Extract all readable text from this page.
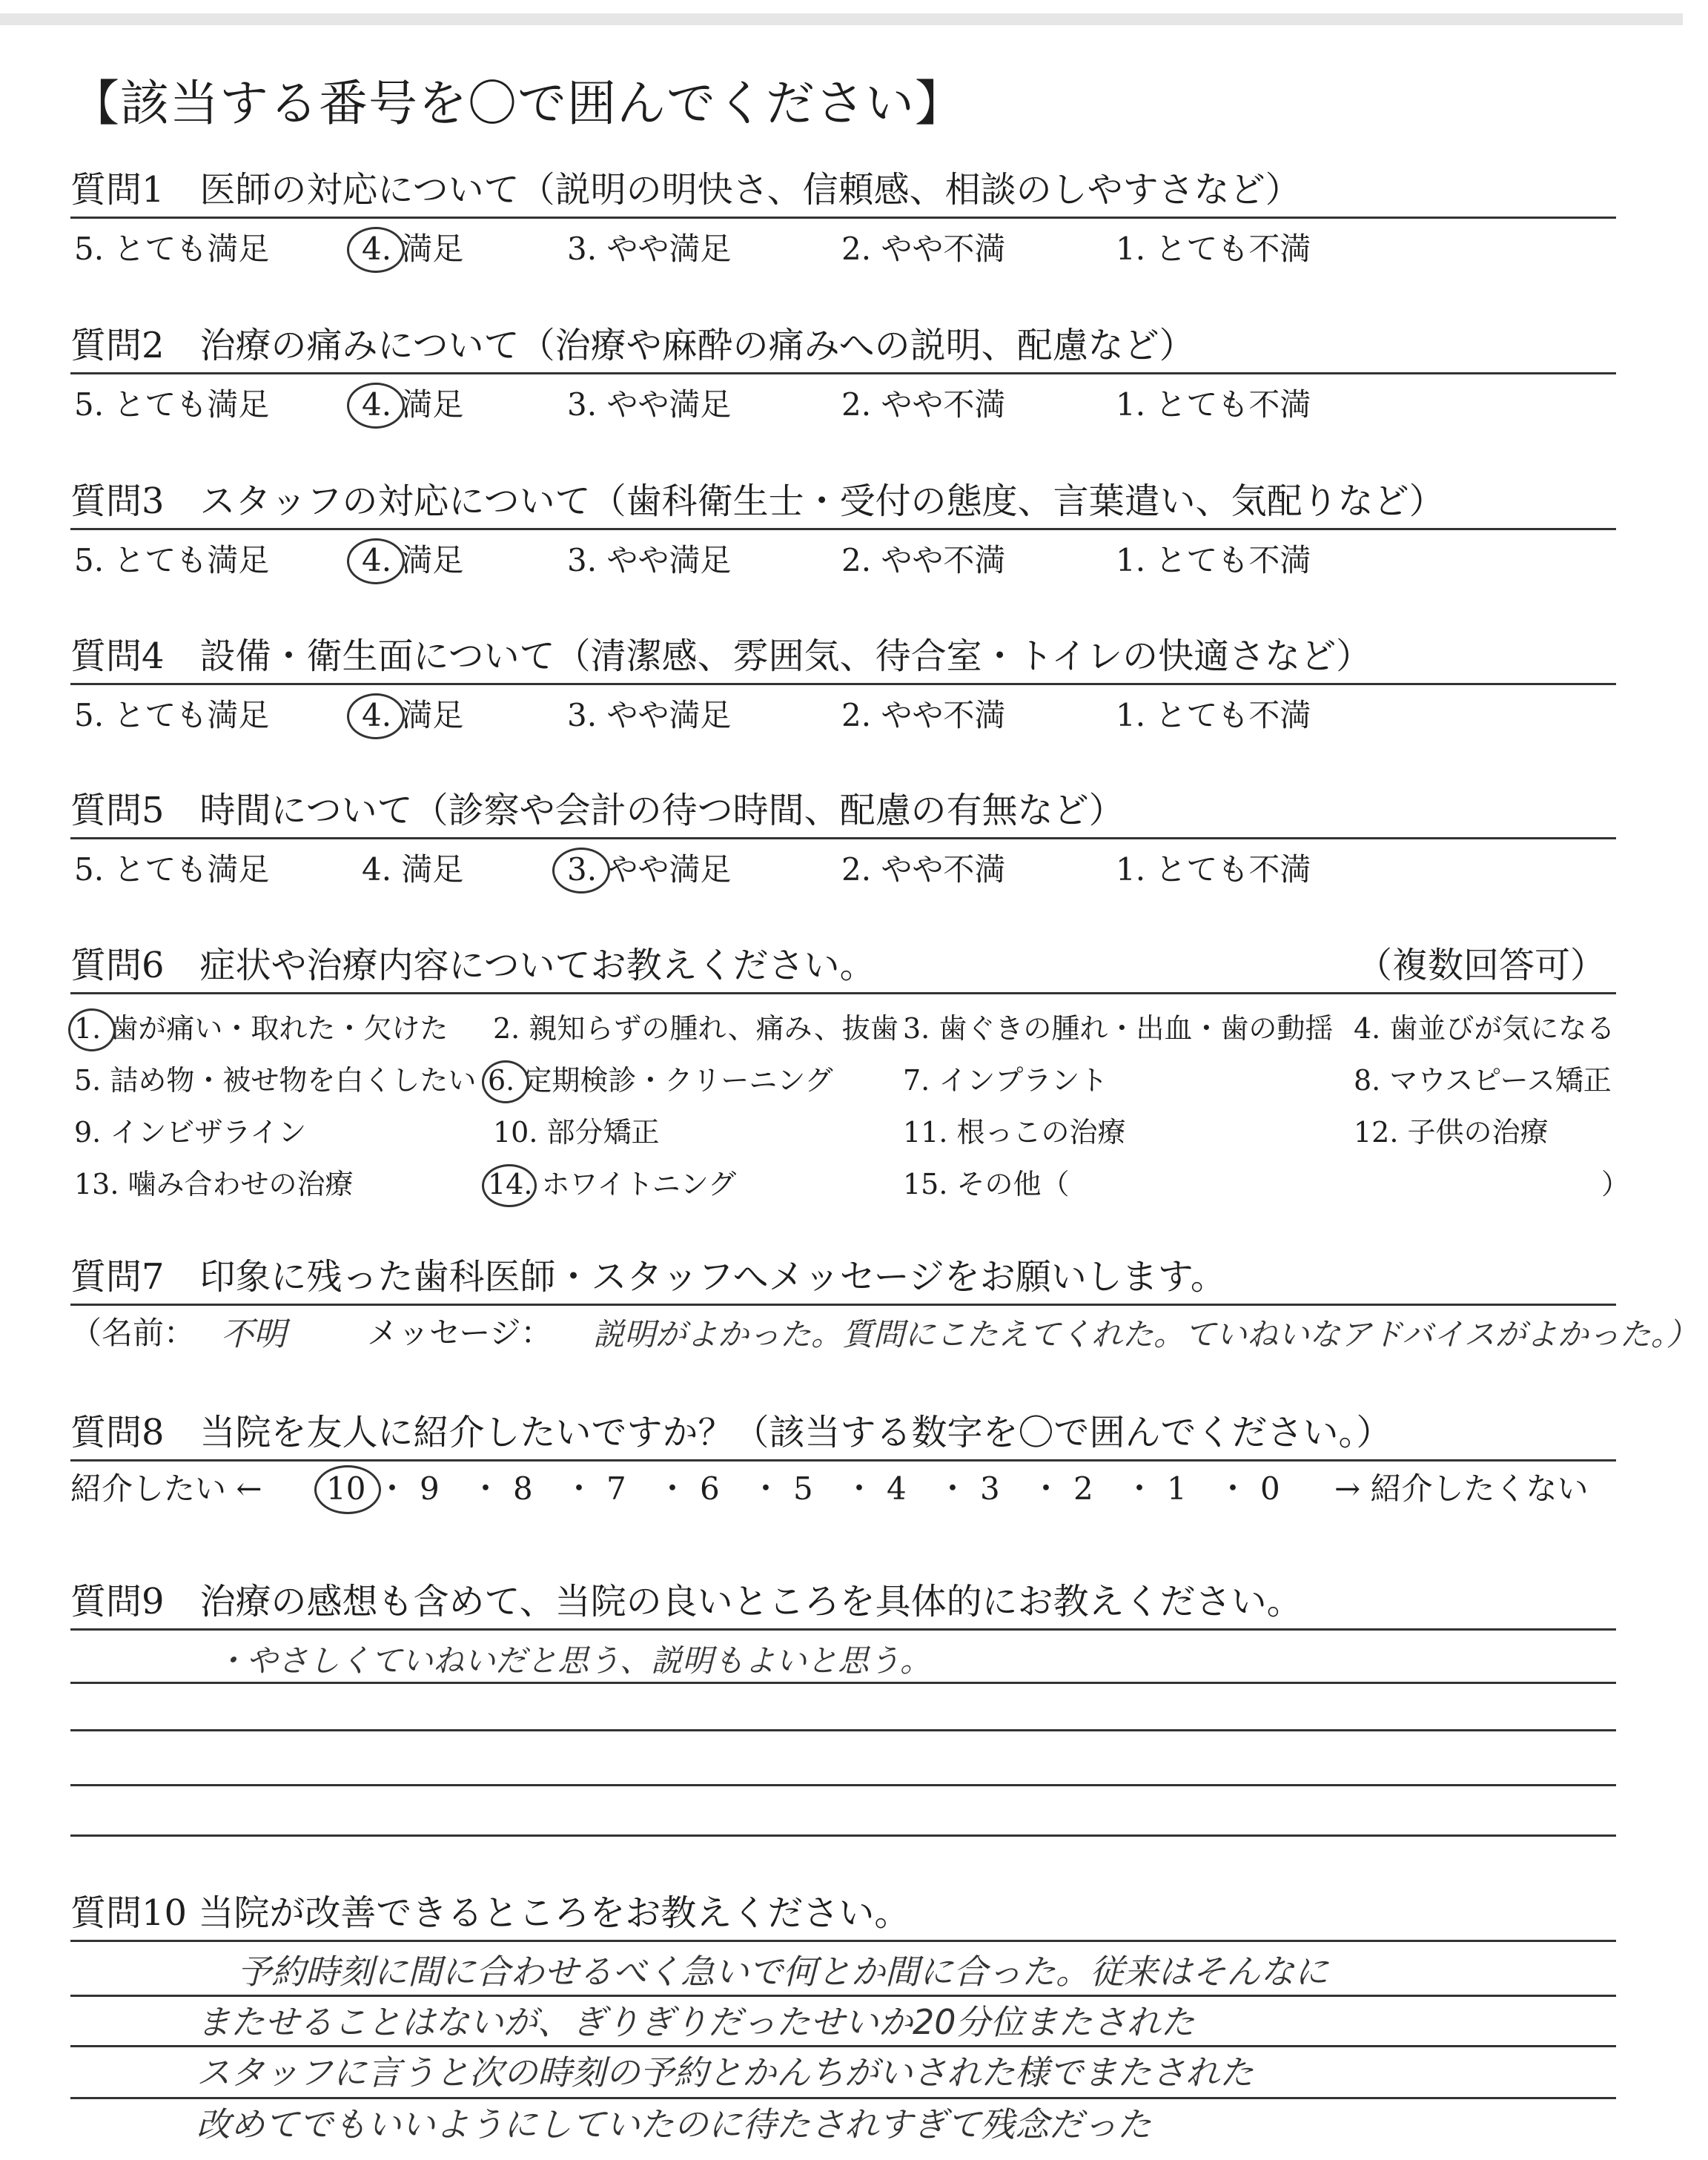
【該当する番号を〇で囲んでください】
質問1　医師の対応について（説明の明快さ、信頼感、相談のしやすさなど）
5. とても満足	4. 満足	3. やや満足	2. やや不満	1. とても不満
質問2　治療の痛みについて（治療や麻酔の痛みへの説明、配慮など）
5. とても満足	4. 満足	3. やや満足	2. やや不満	1. とても不満
質問3　スタッフの対応について（歯科衛生士・受付の態度、言葉遣い、気配りなど）
5. とても満足	4. 満足	3. やや満足	2. やや不満	1. とても不満
質問4　設備・衛生面について（清潔感、雰囲気、待合室・トイレの快適さなど）
5. とても満足	4. 満足	3. やや満足	2. やや不満	1. とても不満
質問5　時間について（診察や会計の待つ時間、配慮の有無など）
5. とても満足	4. 満足	3. やや満足	2. やや不満	1. とても不満
質問6　症状や治療内容についてお教えください。	（複数回答可）
1. 歯が痛い・取れた・欠けた 2. 親知らずの腫れ、痛み、抜歯 3. 歯ぐきの腫れ・出血・歯の動揺 4. 歯並びが気になる
5. 詰め物・被せ物を白くしたい 6. 定期検診・クリーニング 7. インプラント	8. マウスピース矯正
9. インビザライン	10. 部分矯正	11. 根っこの治療	12. 子供の治療
13. 噛み合わせの治療	14. ホワイトニング	15. その他（	）
質問7　印象に残った歯科医師・スタッフへメッセージをお願いします。
（名前： 不明	メッセージ： 説明がよかった。質問にこたえてくれた。ていねいなアドバイスがよかった。）
質問8　当院を友人に紹介したいですか？（該当する数字を〇で囲んでください。）
紹介したい ← 10 ・ 9 ・ 8 ・ 7 ・ 6 ・ 5 ・ 4 ・ 3 ・ 2 ・ 1 ・ 0 → 紹介したくない
質問9　治療の感想も含めて、当院の良いところを具体的にお教えください。
・やさしくていねいだと思う、説明もよいと思う。
質問10 当院が改善できるところをお教えください。
予約時刻に間に合わせるべく急いで何とか間に合った。従来はそんなに
またせることはないが、ぎりぎりだったせいか20分位またされた
スタッフに言うと次の時刻の予約とかんちがいされた様でまたされた
改めてでもいいようにしていたのに待たされすぎて残念だった
